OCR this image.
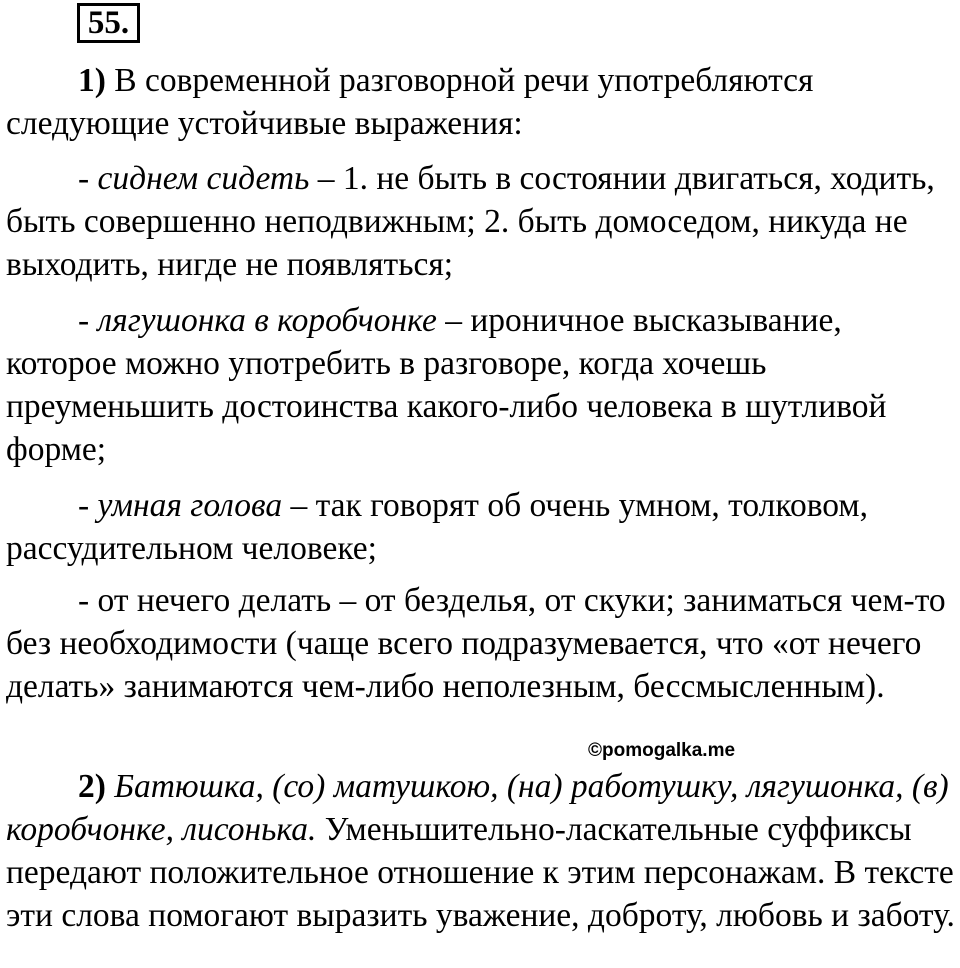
55.

1) В современной разговорной речи употребляются следующие устойчивые выражения:

- сиднем сидеть – 1. не быть в состоянии двигаться, ходить, быть совершенно неподвижным; 2. быть домоседом, никуда не выходить, нигде не появляться;

- лягушонка в коробчонке – ироничное высказывание, которое можно употребить в разговоре, когда хочешь преуменьшить достоинства какого-либо человека в шутливой форме;

- умная голова – так говорят об очень умном, толковом, рассудительном человеке;

- от нечего делать – от безделья, от скуки; заниматься чем-то без необходимости (чаще всего подразумевается, что «от нечего делать» занимаются чем-либо неполезным, бессмысленным).

©pomogalka.me

2) Батюшка, (со) матушкою, (на) работушку, лягушонка, (в) коробчонке, лисонька. Уменьшительно-ласкательные суффиксы передают положительное отношение к этим персонажам. В тексте эти слова помогают выразить уважение, доброту, любовь и заботу.
